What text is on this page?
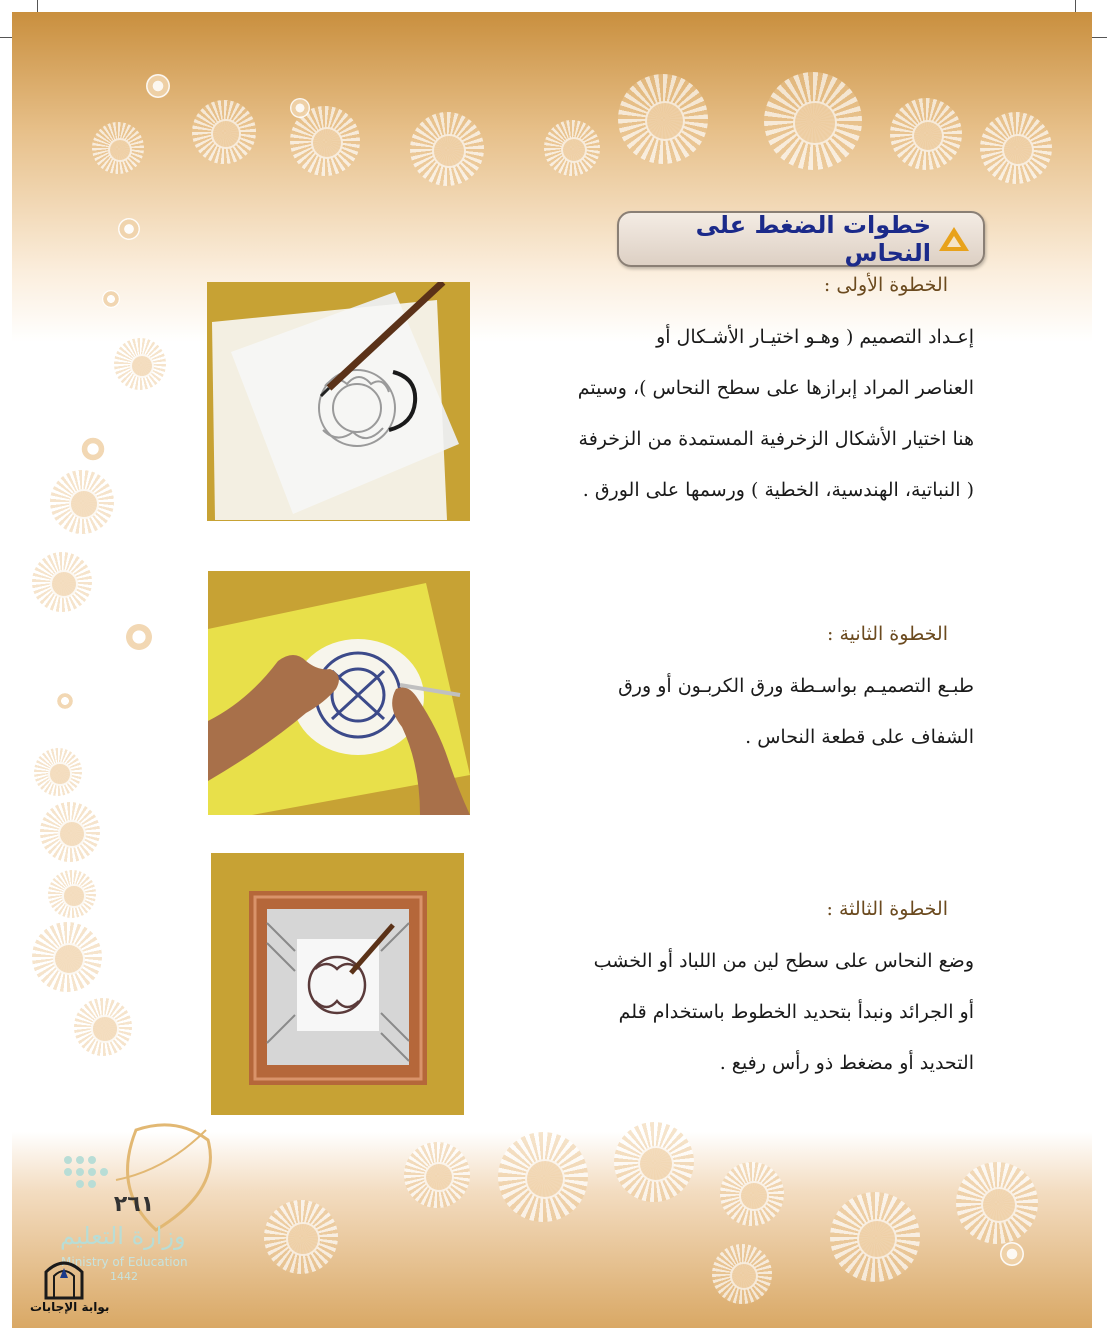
خطوات الضغط على النحاس
الخطوة الأولى :
إعـداد التصميم ( وهـو اختيـار الأشـكال أو
العناصر المراد إبرازها على سطح النحاس )، وسيتم
هنا اختيار الأشكال الزخرفية المستمدة من الزخرفة
( النباتية، الهندسية، الخطية ) ورسمها على الورق .
الخطوة الثانية :
طبـع التصميـم بواسـطة ورق الكربـون أو ورق
الشفاف على قطعة النحاس .
الخطوة الثالثة :
وضع النحاس على سطح لين من اللباد أو الخشب
أو الجرائد ونبدأ بتحديد الخطوط باستخدام قلم
التحديد أو مضغط ذو رأس رفيع .
٢٦١
وزارة التعليم
Ministry of Education
1442
بوابة الإجابات
